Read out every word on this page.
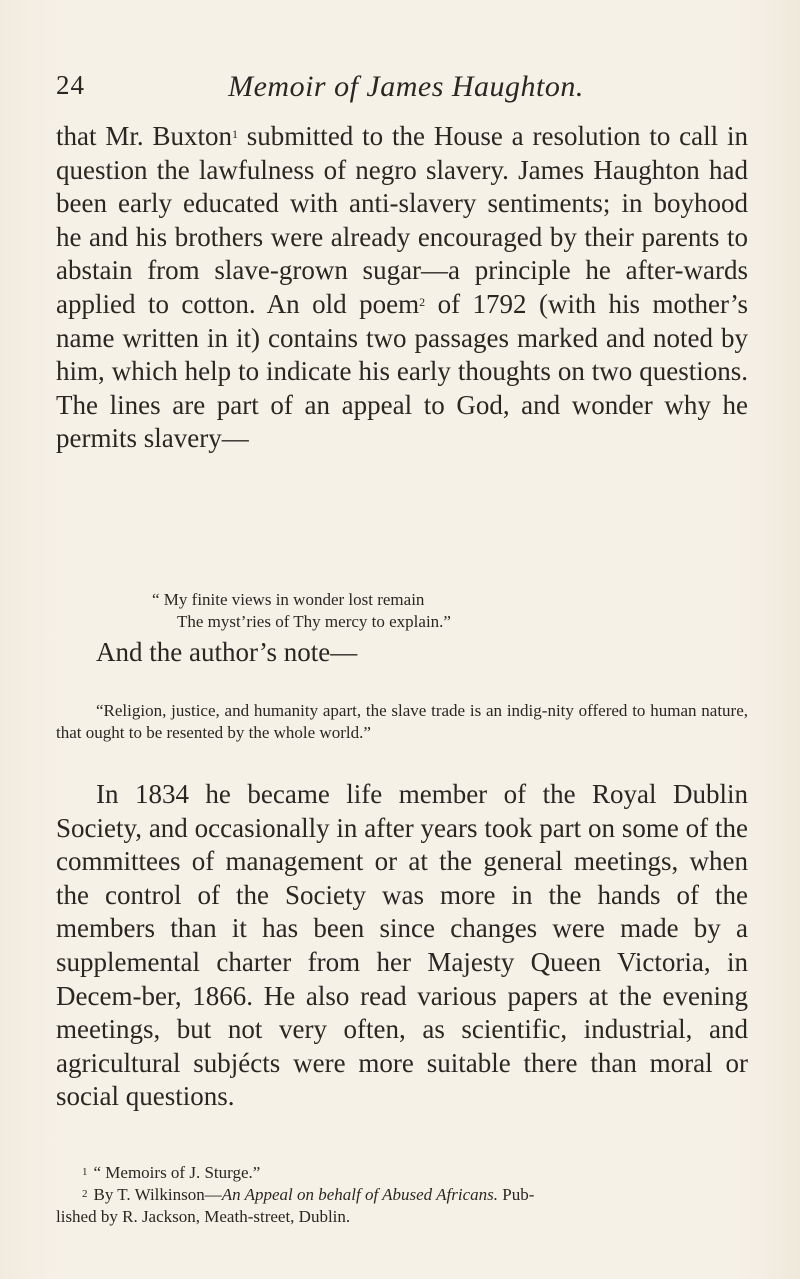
24	Memoir of James Haughton.

that Mr. Buxton$^1$ submitted to the House a resolution to call in question the lawfulness of negro slavery. James Haughton had been early educated with anti-slavery sentiments; in boyhood he and his brothers were already encouraged by their parents to abstain from slave-grown sugar—a principle he after-wards applied to cotton. An old poem$^2$ of 1792 (with his mother’s name written in it) contains two passages marked and noted by him, which help to indicate his early thoughts on two questions. The lines are part of an appeal to God, and wonder why he permits slavery—

“ My finite views in wonder lost remain
The myst’ries of Thy mercy to explain.”

And the author’s note—

“Religion, justice, and humanity apart, the slave trade is an indig-nity offered to human nature, that ought to be resented by the whole world.”

In 1834 he became life member of the Royal Dublin Society, and occasionally in after years took part on some of the committees of management or at the general meetings, when the control of the Society was more in the hands of the members than it has been since changes were made by a supplemental charter from her Majesty Queen Victoria, in Decem-ber, 1866. He also read various papers at the evening meetings, but not very often, as scientific, industrial, and agricultural subjécts were more suitable there than moral or social questions.

$^1$ “ Memoirs of J. Sturge.”

$^2$ By T. Wilkinson—An Appeal on behalf of Abused Africans. Pub-
lished by R. Jackson, Meath-street, Dublin.
